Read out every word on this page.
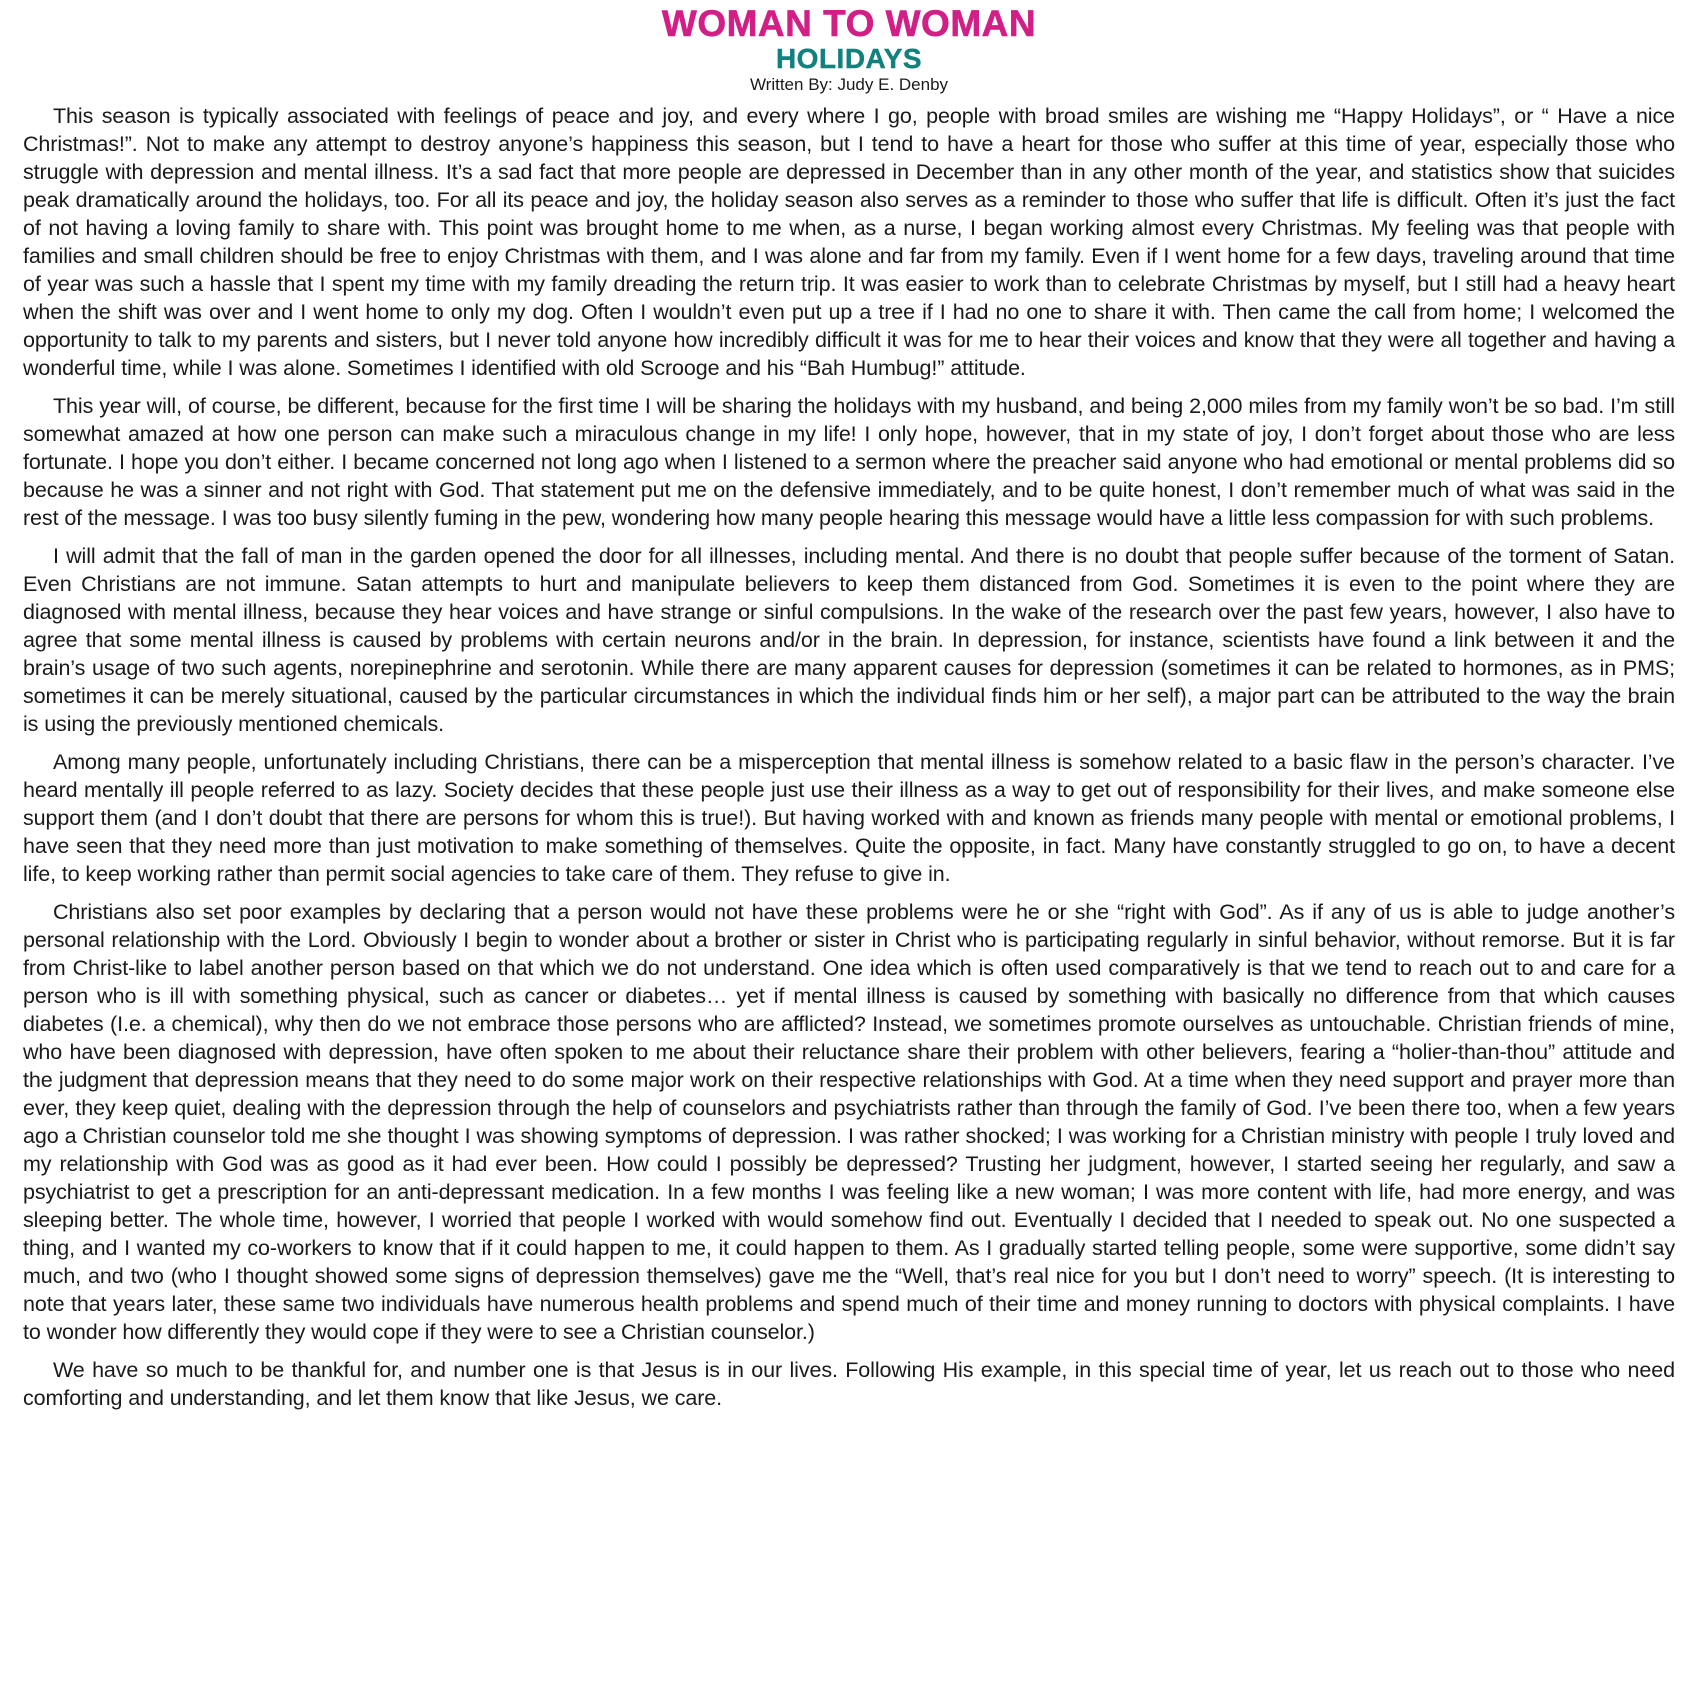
WOMAN TO WOMAN
HOLIDAYS

Written By: Judy E. Denby

This season is typically associated with feelings of peace and joy, and every where I go, people with broad smiles are wishing me “Happy Holidays”, or “ Have a nice Christmas!”. Not to make any attempt to destroy anyone’s happiness this season, but I tend to have a heart for those who suffer at this time of year, especially those who struggle with depression and mental illness. It’s a sad fact that more people are depressed in December than in any other month of the year, and statistics show that suicides peak dramatically around the holidays, too. For all its peace and joy, the holiday season also serves as a reminder to those who suffer that life is difficult. Often it’s just the fact of not having a loving family to share with. This point was brought home to me when, as a nurse, I began working almost every Christmas. My feeling was that people with families and small children should be free to enjoy Christmas with them, and I was alone and far from my family. Even if I went home for a few days, traveling around that time of year was such a hassle that I spent my time with my family dreading the return trip. It was easier to work than to celebrate Christmas by myself, but I still had a heavy heart when the shift was over and I went home to only my dog. Often I wouldn’t even put up a tree if I had no one to share it with. Then came the call from home; I welcomed the opportunity to talk to my parents and sisters, but I never told anyone how incredibly difficult it was for me to hear their voices and know that they were all together and having a wonderful time, while I was alone. Sometimes I identified with old Scrooge and his “Bah Humbug!” attitude.

This year will, of course, be different, because for the first time I will be sharing the holidays with my husband, and being 2,000 miles from my family won’t be so bad. I’m still somewhat amazed at how one person can make such a miraculous change in my life! I only hope, however, that in my state of joy, I don’t forget about those who are less fortunate. I hope you don’t either. I became concerned not long ago when I listened to a sermon where the preacher said anyone who had emotional or mental problems did so because he was a sinner and not right with God. That statement put me on the defensive immediately, and to be quite honest, I don’t remember much of what was said in the rest of the message. I was too busy silently fuming in the pew, wondering how many people hearing this message would have a little less compassion for with such problems.

I will admit that the fall of man in the garden opened the door for all illnesses, including mental. And there is no doubt that people suffer because of the torment of Satan. Even Christians are not immune. Satan attempts to hurt and manipulate believers to keep them distanced from God. Sometimes it is even to the point where they are diagnosed with mental illness, because they hear voices and have strange or sinful compulsions. In the wake of the research over the past few years, however, I also have to agree that some mental illness is caused by problems with certain neurons and/or in the brain. In depression, for instance, scientists have found a link between it and the brain’s usage of two such agents, norepinephrine and serotonin. While there are many apparent causes for depression (sometimes it can be related to hormones, as in PMS; sometimes it can be merely situational, caused by the particular circumstances in which the individual finds him or her self), a major part can be attributed to the way the brain is using the previously mentioned chemicals.

Among many people, unfortunately including Christians, there can be a misperception that mental illness is somehow related to a basic flaw in the person’s character. I’ve heard mentally ill people referred to as lazy. Society decides that these people just use their illness as a way to get out of responsibility for their lives, and make someone else support them (and I don’t doubt that there are persons for whom this is true!). But having worked with and known as friends many people with mental or emotional problems, I have seen that they need more than just motivation to make something of themselves. Quite the opposite, in fact. Many have constantly struggled to go on, to have a decent life, to keep working rather than permit social agencies to take care of them. They refuse to give in.

Christians also set poor examples by declaring that a person would not have these problems were he or she “right with God”. As if any of us is able to judge another’s personal relationship with the Lord. Obviously I begin to wonder about a brother or sister in Christ who is participating regularly in sinful behavior, without remorse. But it is far from Christ-like to label another person based on that which we do not understand. One idea which is often used comparatively is that we tend to reach out to and care for a person who is ill with something physical, such as cancer or diabetes… yet if mental illness is caused by something with basically no difference from that which causes diabetes (I.e. a chemical), why then do we not embrace those persons who are afflicted? Instead, we sometimes promote ourselves as untouchable. Christian friends of mine, who have been diagnosed with depression, have often spoken to me about their reluctance share their problem with other believers, fearing a “holier-than-thou” attitude and the judgment that depression means that they need to do some major work on their respective relationships with God. At a time when they need support and prayer more than ever, they keep quiet, dealing with the depression through the help of counselors and psychiatrists rather than through the family of God. I’ve been there too, when a few years ago a Christian counselor told me she thought I was showing symptoms of depression. I was rather shocked; I was working for a Christian ministry with people I truly loved and my relationship with God was as good as it had ever been. How could I possibly be depressed? Trusting her judgment, however, I started seeing her regularly, and saw a psychiatrist to get a prescription for an anti-depressant medication. In a few months I was feeling like a new woman; I was more content with life, had more energy, and was sleeping better. The whole time, however, I worried that people I worked with would somehow find out. Eventually I decided that I needed to speak out. No one suspected a thing, and I wanted my co-workers to know that if it could happen to me, it could happen to them. As I gradually started telling people, some were supportive, some didn’t say much, and two (who I thought showed some signs of depression themselves) gave me the “Well, that’s real nice for you but I don’t need to worry” speech. (It is interesting to note that years later, these same two individuals have numerous health problems and spend much of their time and money running to doctors with physical complaints. I have to wonder how differently they would cope if they were to see a Christian counselor.)

We have so much to be thankful for, and number one is that Jesus is in our lives. Following His example, in this special time of year, let us reach out to those who need comforting and understanding, and let them know that like Jesus, we care.
